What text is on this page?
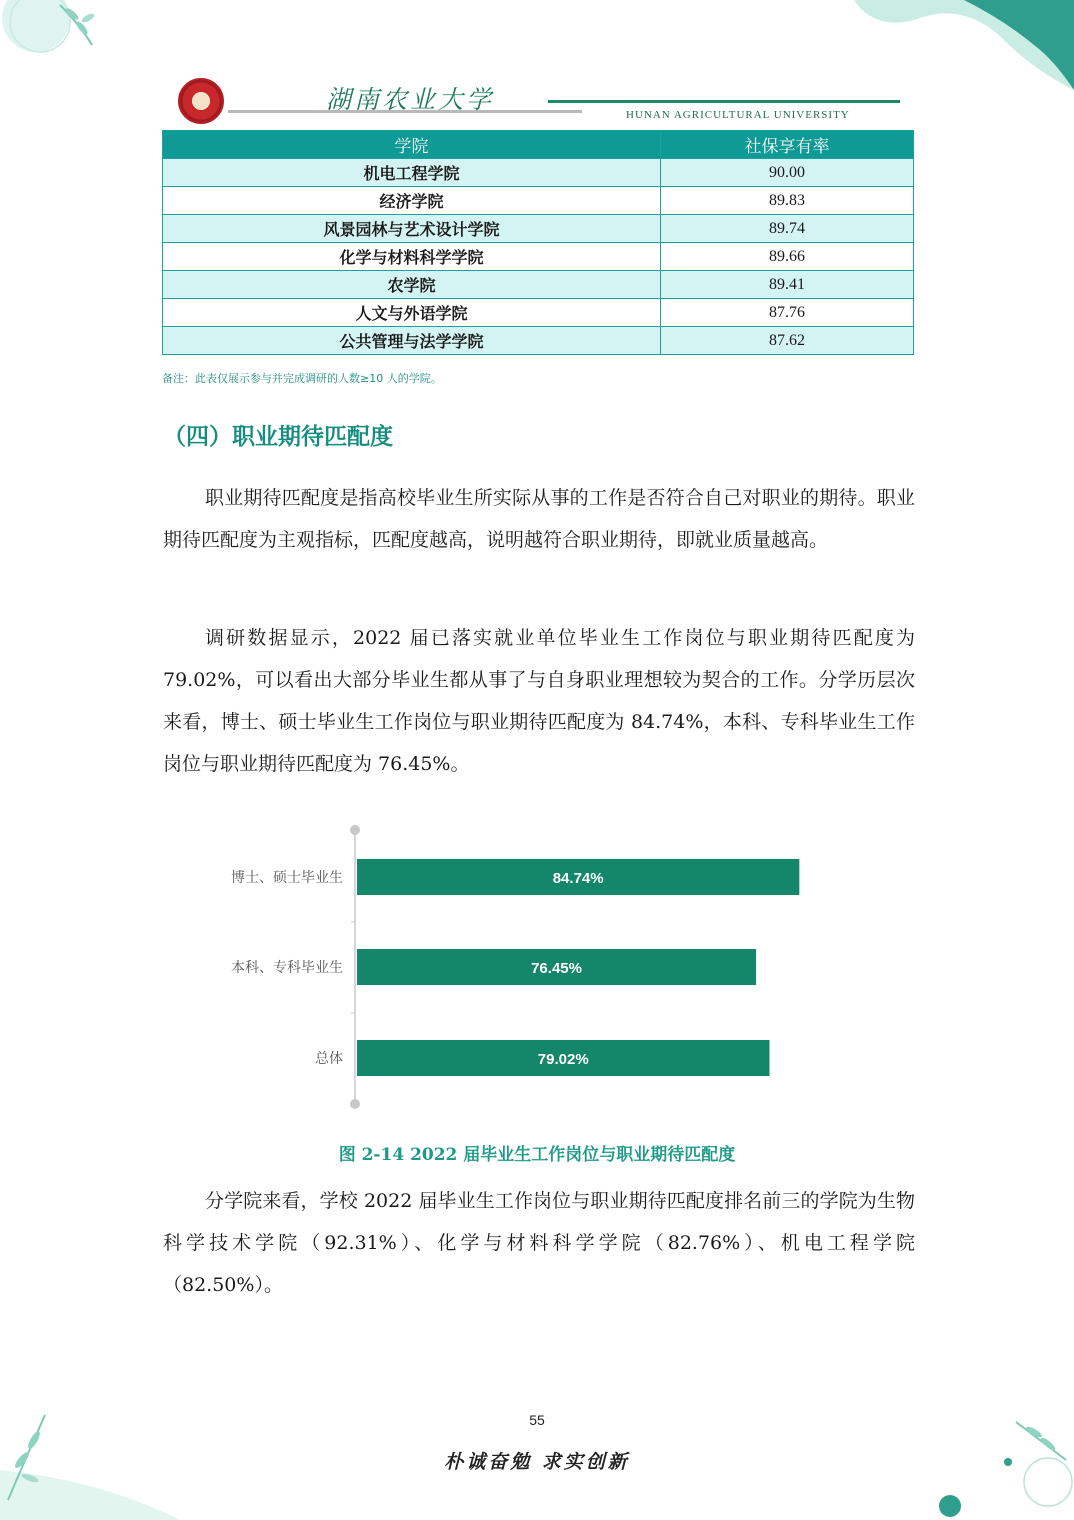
湖南农业大学
HUNAN AGRICULTURAL UNIVERSITY
学院	社保享有率
机电工程学院	90.00
经济学院	89.83
风景园林与艺术设计学院	89.74
化学与材料科学学院	89.66
农学院	89.41
人文与外语学院	87.76
公共管理与法学学院	87.62
备注：此表仅展示参与并完成调研的人数≥10 人的学院。
（四）职业期待匹配度

职业期待匹配度是指高校毕业生所实际从事的工作是否符合自己对职业的期待。职业期待匹配度为主观指标，匹配度越高，说明越符合职业期待，即就业质量越高。

调研数据显示，2022 届已落实就业单位毕业生工作岗位与职业期待匹配度为 79.02%，可以看出大部分毕业生都从事了与自身职业理想较为契合的工作。分学历层次来看，博士、硕士毕业生工作岗位与职业期待匹配度为 84.74%，本科、专科毕业生工作岗位与职业期待匹配度为 76.45%。

博士、硕士毕业生	84.74%
本科、专科毕业生	76.45%
总体	79.02%
图 2-14 2022 届毕业生工作岗位与职业期待匹配度

分学院来看，学校 2022 届毕业生工作岗位与职业期待匹配度排名前三的学院为生物科学技术学院（92.31%）、化学与材料科学学院（82.76%）、机电工程学院（82.50%）。

55
朴诚奋勉 求实创新
